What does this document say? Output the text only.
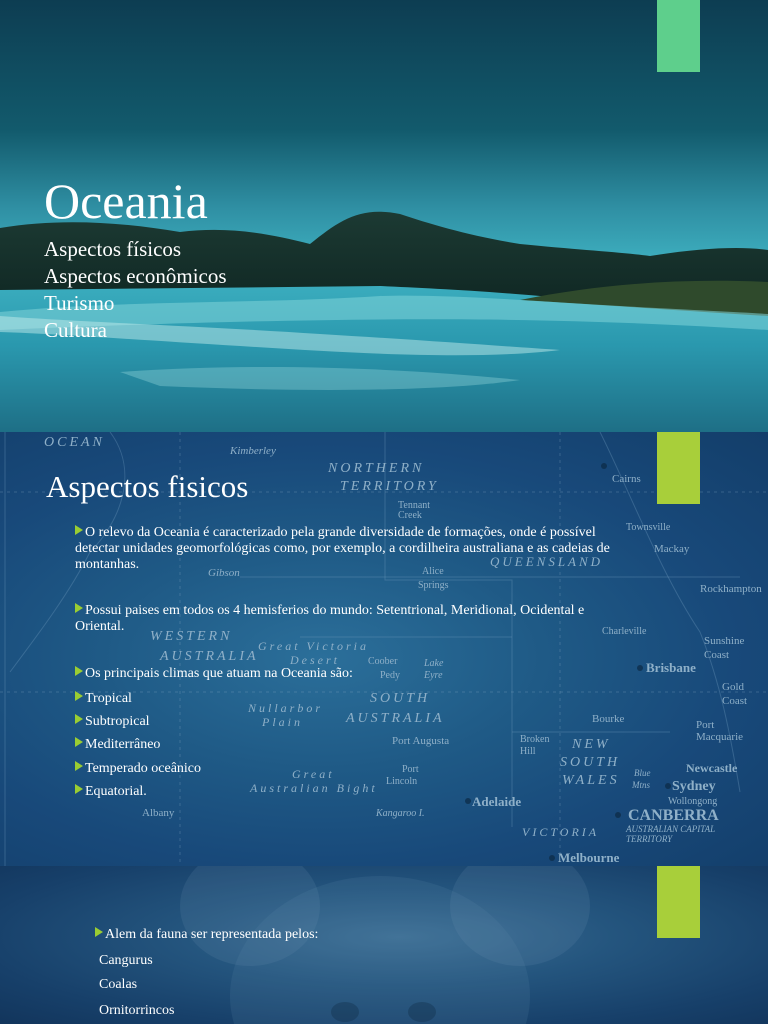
Oceania
Aspectos físicos
Aspectos econômicos
Turismo
Cultura
OCEAN
NORTHERN
TERRITORY
WESTERN
AUSTRALIA
SOUTH
AUSTRALIA
NEW
SOUTH
WALES
QUEENSLAND
VICTORIA
Great Victoria
Desert
Nullarbor
Plain
Great
Australian Bight
Adelaide
CANBERRA
Sydney
Newcastle
Brisbane
Melbourne
Cairns
Mackay
Rockhampton
Port Augusta
Tennant
Creek
Alice
Springs
Broken
Hill
Bourke
Charleville
Sunshine
Coast
Gold
Coast
Port
Macquarie
Wollongong
AUSTRALIAN CAPITAL
TERRITORY
Kimberley
Gibson
Albany	Kangaroo I.
Townsville
Port
Lincoln
Blue
Mtns
Coober
Pedy
Lake
Eyre
Aspectos fisicos
O relevo da Oceania é caracterizado pela grande diversidade de formações, onde é possível detectar unidades geomorfológicas como, por exemplo, a cordilheira australiana e as cadeias de montanhas.
Possui paises em todos os 4 hemisferios do mundo: Setentrional, Meridional, Ocidental e Oriental.
Os principais climas que atuam na Oceania são:
Tropical
Subtropical
Mediterrâneo
Temperado oceânico
Equatorial.
Alem da fauna ser representada pelos:
Cangurus
Coalas
Ornitorrincos
